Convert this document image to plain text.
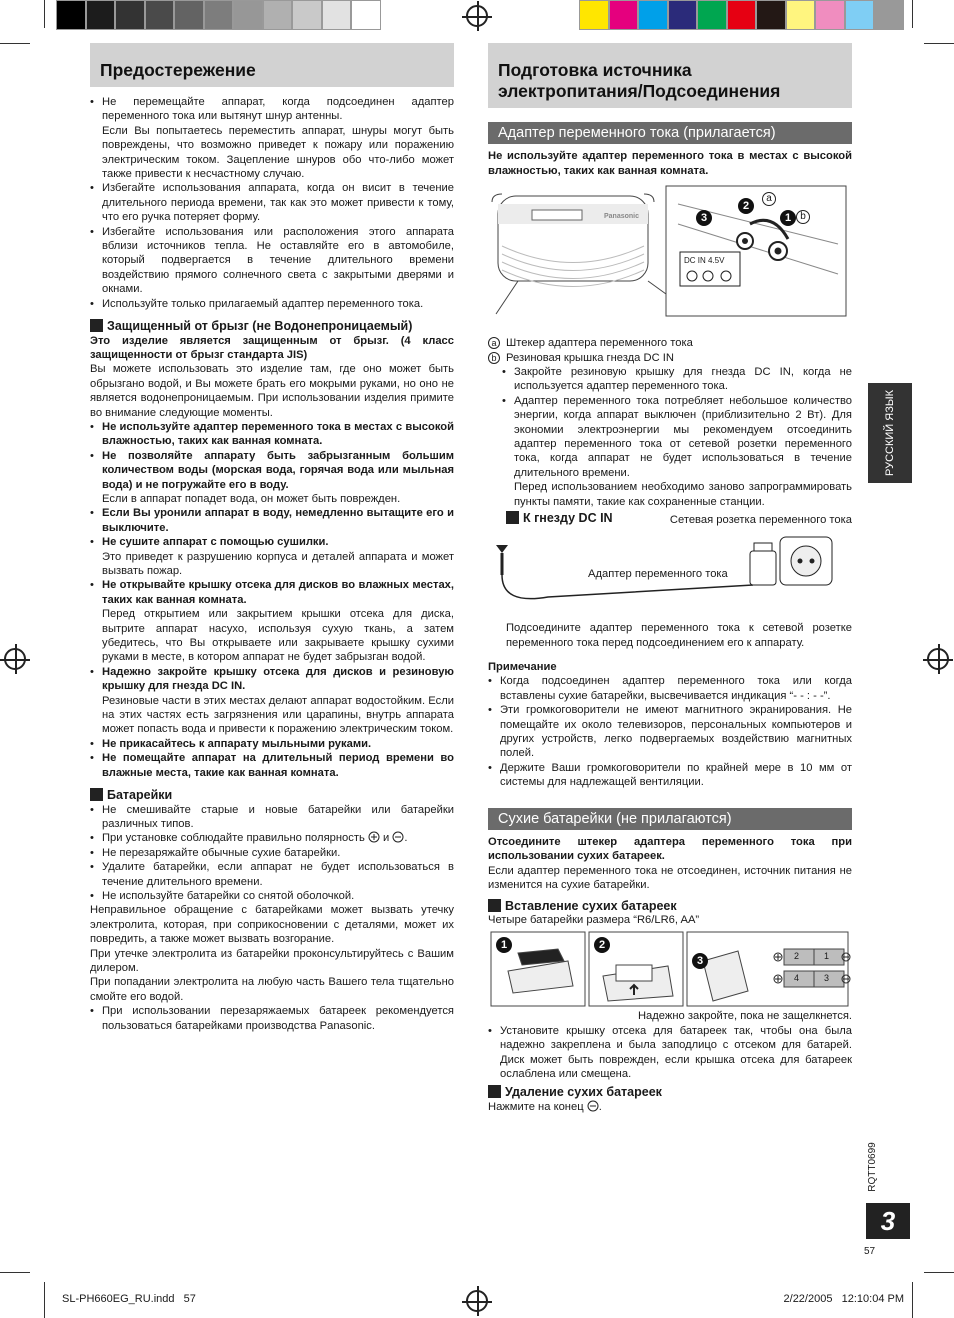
Предостережение
• Не перемещайте аппарат, когда подсоединен адаптер переменного тока или вытянут шнур антенны.
Если Вы попытаетесь переместить аппарат, шнуры могут быть повреждены, что возможно приведет к пожару или поражению электрическим током. Зацепление шнуров обо что-либо может также привести к несчастному случаю.
• Избегайте использования аппарата, когда он висит в течение длительного периода времени, так как это может привести к тому, что его ручка потеряет форму.
• Избегайте использования или расположения этого аппарата вблизи источников тепла. Не оставляйте его в автомобиле, который подвергается в течение длительного времени воздействию прямого солнечного света с закрытыми дверями и окнами.
• Используйте только прилагаемый адаптер переменного тока.
Защищенный от брызг (не Водонепроницаемый)

Это изделие является защищенным от брызг. (4 класс защищенности от брызг стандарта JIS)

Вы можете использовать это изделие там, где оно может быть обрызгано водой, и Вы можете брать его мокрыми руками, но оно не является водонепроницаемым. При использовании изделия примите во внимание следующие моменты.

• Не используйте адаптер переменного тока в местах с высокой влажностью, таких как ванная комната.
• Не позволяйте аппарату быть забрызганным большим количеством воды (морская вода, горячая вода или мыльная вода) и не погружайте его в воду.
Если в аппарат попадет вода, он может быть поврежден.
• Если Вы уронили аппарат в воду, немедленно вытащите его и выключите.
• Не сушите аппарат с помощью сушилки.
Это приведет к разрушению корпуса и деталей аппарата и может вызвать пожар.
• Не открывайте крышку отсека для дисков во влажных местах, таких как ванная комната.
Перед открытием или закрытием крышки отсека для диска, вытрите аппарат насухо, используя сухую ткань, а затем убедитесь, что Вы открываете или закрываете крышку сухими руками в месте, в котором аппарат не будет забрызган водой.
• Надежно закройте крышку отсека для дисков и резиновую крышку для гнезда DC IN.
Резиновые части в этих местах делают аппарат водостойким. Если на этих частях есть загрязнения или царапины, внутрь аппарата может попасть вода и привести к поражению электрическим током.
• Не прикасайтесь к аппарату мыльными руками.
• Не помещайте аппарат на длительный период времени во влажные места, такие как ванная комната.
Батарейки
• Не смешивайте старые и новые батарейки или батарейки различных типов.
• При установке соблюдайте правильно полярность и .
• Не перезаряжайте обычные сухие батарейки.
• Удалите батарейки, если аппарат не будет использоваться в течение длительного времени.
• Не используйте батарейки со снятой оболочкой.

Неправильное обращение с батарейками может вызвать утечку электролита, которая, при соприкосновении с деталями, может их повредить, а также может вызвать возгорание.

При утечке электролита из батарейки проконсультируйтесь с Вашим дилером.

При попадании электролита на любую часть Вашего тела тщательно смойте его водой.

• При использовании перезаряжаемых батареек рекомендуется пользоваться батарейками производства Panasonic.
Подготовка источника
электропитания/Подсоединения
Адаптер переменного тока (прилагается)

Не используйте адаптер переменного тока в местах с высокой влажностью, таких как ванная комната.

Panasonic
DC IN 4.5V
a
b
3
2
1
a Штекер адаптера переменного тока
b Резиновая крышка гнезда DC IN
• Закройте резиновую крышку для гнезда DC IN, когда не используется адаптер переменного тока.
• Адаптер переменного тока потребляет небольшое количество энергии, когда аппарат выключен (приблизительно 2 Вт). Для экономии электроэнергии мы рекомендуем отсоединить адаптер переменного тока от сетевой розетки переменного тока, когда аппарат не будет использоваться в течение длительного времени.
Перед использованием необходимо заново запрограммировать пункты памяти, такие как сохраненные станции.
К гнезду DC IN	Сетевая розетка переменного тока
Адаптер переменного тока

Подсоедините адаптер переменного тока к сетевой розетке переменного тока перед подсоединением его к аппарату.

Примечание
• Когда подсоединен адаптер переменного тока или когда вставлены сухие батарейки, высвечивается индикация “- - : - -”.
• Эти громкоговорители не имеют магнитного экранирования. Не помещайте их около телевизоров, персональных компьютеров и других устройств, легко подвергаемых воздействию магнитных полей.
• Держите Ваши громкоговорители по крайней мере в 10 мм от системы для надлежащей вентиляции.
Сухие батарейки (не прилагаются)

Отсоедините штекер адаптера переменного тока при использовании сухих батареек.

Если адаптер переменного тока не отсоединен, источник питания не изменится на сухие батарейки.

Вставление сухих батареек
Четыре батарейки размера “R6/LR6, AA”
1	2
3	2	1
4	3
Надежно закройте, пока не защелкнется.
• Установите крышку отсека для батареек так, чтобы она была надежно закреплена и была заподлицо с отсеком для батарей. Диск может быть поврежден, если крышка отсека для батареек ослаблена или смещена.
Удаление сухих батареек
Нажмите на конец .
РУССКИЙ ЯЗЫК
RQTT0699
3
57
SL-PH660EG_RU.indd   57	2/22/2005   12:10:04 PM
